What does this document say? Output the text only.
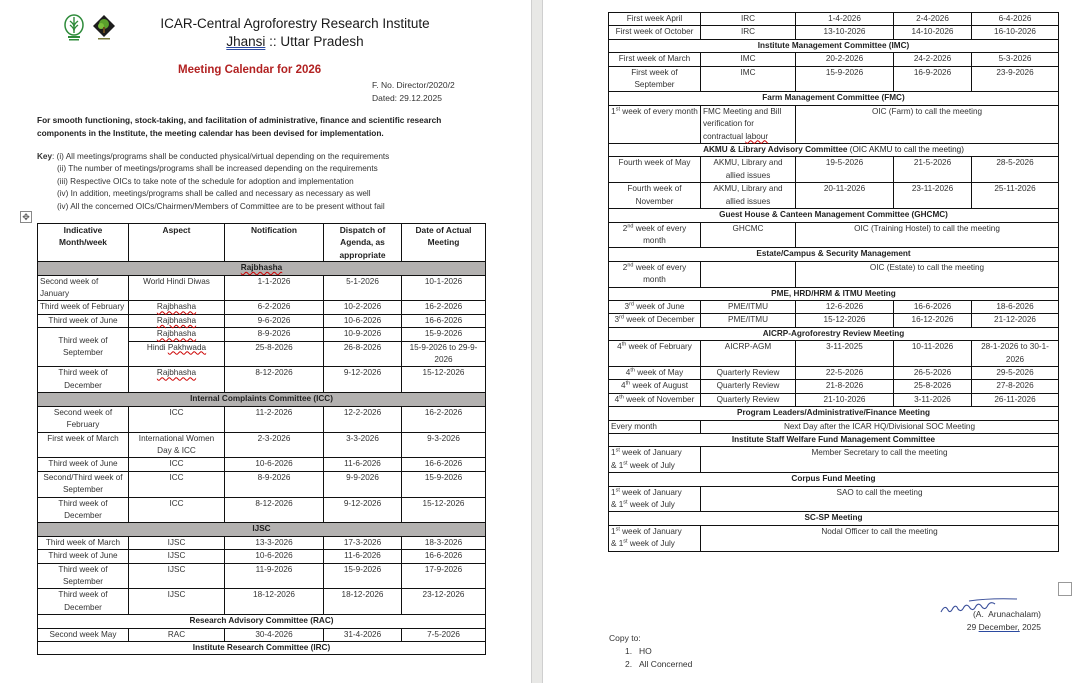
ICAR-Central Agroforestry Research Institute
Jhansi :: Uttar Pradesh
Meeting Calendar for 2026
F. No. Director/2020/2
Dated: 29.12.2025
For smooth functioning, stock-taking, and facilitation of administrative, finance and scientific research components in the Institute, the meeting calendar has been devised for implementation.
Key: (i) All meetings/programs shall be conducted physical/virtual depending on the requirements
(ii) The number of meetings/programs shall be increased depending on the requirements
(iii) Respective OICs to take note of the schedule for adoption and implementation
(iv) In addition, meetings/programs shall be called and necessary as necessary as well
(iv) All the concerned OICs/Chairmen/Members of Committee are to be present without fail
✥
Indicative Month/week	Aspect	Notification	Dispatch of Agenda, as appropriate	Date of Actual Meeting
Rajbhasha				
Second week of January	World Hindi Diwas	1-1-2026	5-1-2026	10-1-2026
Third week of February	Rajbhasha	6-2-2026	10-2-2026	16-2-2026
Third week of June	Rajbhasha	9-6-2026	10-6-2026	16-6-2026
Third week of September	Rajbhasha	8-9-2026	10-9-2026	15-9-2026
	Hindi Pakhwada	25-8-2026	26-8-2026	15-9-2026 to 29-9-2026
Third week of December	Rajbhasha	8-12-2026	9-12-2026	15-12-2026
Internal Complaints Committee (ICC)				
Second week of February	ICC	11-2-2026	12-2-2026	16-2-2026
First week of March	International Women Day & ICC	2-3-2026	3-3-2026	9-3-2026
Third week of June	ICC	10-6-2026	11-6-2026	16-6-2026
Second/Third week of September	ICC	8-9-2026	9-9-2026	15-9-2026
Third week of December	ICC	8-12-2026	9-12-2026	15-12-2026
IJSC				
Third week of March	IJSC	13-3-2026	17-3-2026	18-3-2026
Third week of June	IJSC	10-6-2026	11-6-2026	16-6-2026
Third week of September	IJSC	11-9-2026	15-9-2026	17-9-2026
Third week of December	IJSC	18-12-2026	18-12-2026	23-12-2026
Research Advisory Committee (RAC)				
Second week May	RAC	30-4-2026	31-4-2026	7-5-2026
Institute Research Committee (IRC)				
First week April	IRC	1-4-2026	2-4-2026	6-4-2026
First week of October	IRC	13-10-2026	14-10-2026	16-10-2026
Institute Management Committee (IMC)				
First week of March	IMC	20-2-2026	24-2-2026	5-3-2026
First week of September	IMC	15-9-2026	16-9-2026	23-9-2026
Farm Management Committee (FMC)				
1st week of every month	FMC Meeting and Bill verification for contractual labour	OIC (Farm) to call the meeting		
AKMU & Library Advisory Committee (OIC AKMU to call the meeting)				
Fourth week of May	AKMU, Library and allied issues	19-5-2026	21-5-2026	28-5-2026
Fourth week of November	AKMU, Library and allied issues	20-11-2026	23-11-2026	25-11-2026
Guest House & Canteen Management Committee (GHCMC)				
2nd week of every month	GHCMC	OIC (Training Hostel) to call the meeting		
Estate/Campus & Security Management				
2nd week of every month		OIC (Estate) to call the meeting		
PME, HRD/HRM & ITMU Meeting				
3rd week of June	PME/ITMU	12-6-2026	16-6-2026	18-6-2026
3rd week of December	PME/ITMU	15-12-2026	16-12-2026	21-12-2026
AICRP-Agroforestry Review Meeting				
4th week of February	AICRP-AGM	3-11-2025	10-11-2026	28-1-2026 to 30-1-2026
4th week of May	Quarterly Review	22-5-2026	26-5-2026	29-5-2026
4th week of August	Quarterly Review	21-8-2026	25-8-2026	27-8-2026
4th week of November	Quarterly Review	21-10-2026	3-11-2026	26-11-2026
Program Leaders/Administrative/Finance Meeting				
Every month	Next Day after the ICAR HQ/Divisional SOC Meeting			
Institute Staff Welfare Fund Management Committee				

1st week of January
& 1st week of July	Member Secretary to call the meeting			
Corpus Fund Meeting				

1st week of January
& 1st week of July	SAO to call the meeting			
SC-SP Meeting				

1st week of January
& 1st week of July	Nodal Officer to call the meeting			
(A.  Arunachalam)
29 December, 2025
Copy to:
1. HO
2. All Concerned
